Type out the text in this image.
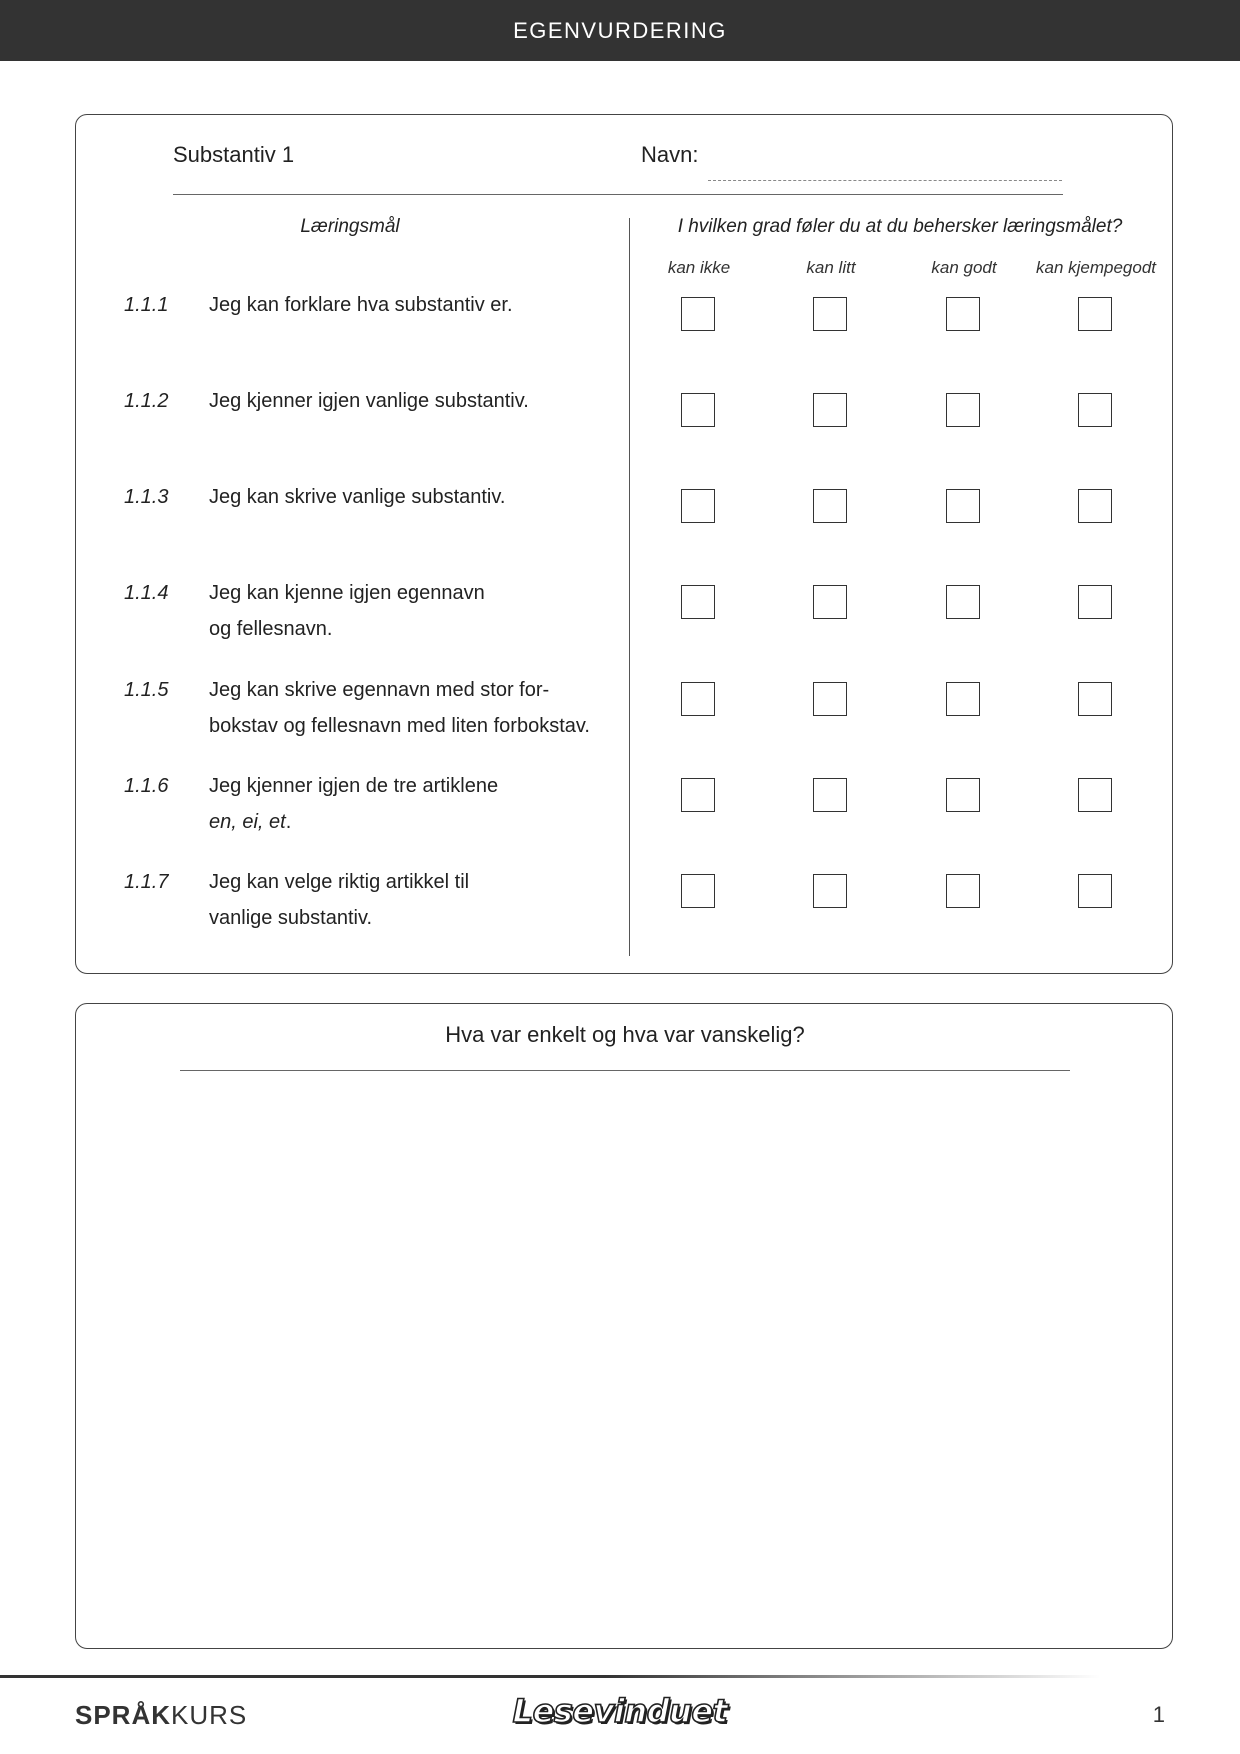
EGENVURDERING
Substantiv 1	Navn:
Læringsmål	I hvilken grad føler du at du behersker læringsmålet?
kan ikke	kan litt	kan godt	kan kjempegodt
1.1.1 Jeg kan forklare hva substantiv er.
1.1.2 Jeg kjenner igjen vanlige substantiv.
1.1.3 Jeg kan skrive vanlige substantiv.
1.1.4 Jeg kan kjenne igjen egennavn
og fellesnavn.
1.1.5 Jeg kan skrive egennavn med stor for-
bokstav og fellesnavn med liten forbokstav.
1.1.6 Jeg kjenner igjen de tre artiklene
en, ei, et.
1.1.7 Jeg kan velge riktig artikkel til
vanlige substantiv.
Hva var enkelt og hva var vanskelig?
SPRÅKKURS	Lesevinduet	1
